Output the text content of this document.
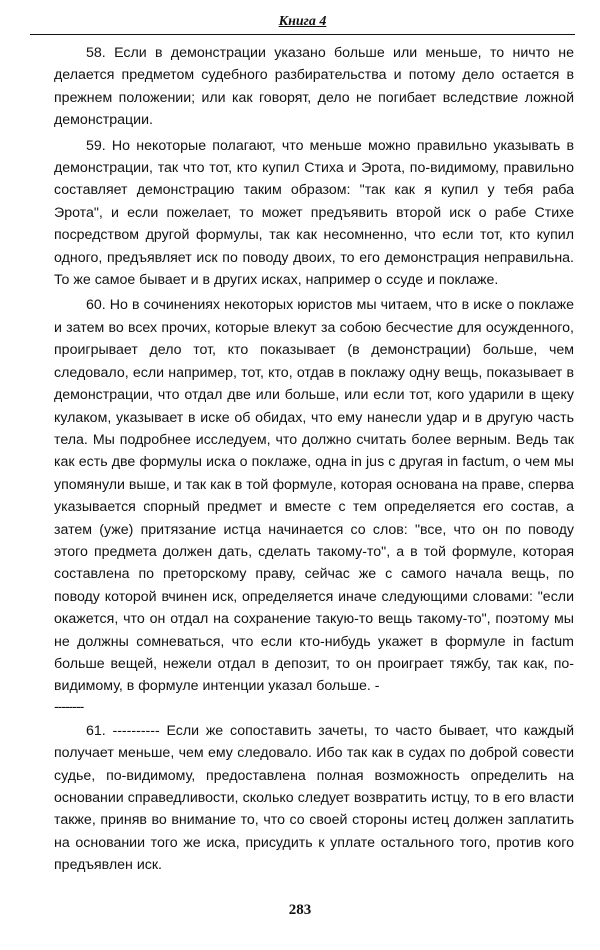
Книга 4

58. Если в демонстрации указано больше или меньше, то ничто не делается предметом судебного разбирательства и потому дело остается в прежнем положении; или как говорят, дело не погибает вследствие ложной демонстрации.

59. Но некоторые полагают, что меньше можно правильно указывать в демонстрации, так что тот, кто купил Стиха и Эрота, по-видимому, правильно составляет демонстрацию таким образом: "так как я купил у тебя раба Эрота", и если пожелает, то может предъявить второй иск о рабе Стихе посредством другой формулы, так как несомненно, что если тот, кто купил одного, предъявляет иск по поводу двоих, то его демонстрация неправильна. То же самое бывает и в других исках, например о ссуде и поклаже.

60. Но в сочинениях некоторых юристов мы читаем, что в иске о поклаже и затем во всех прочих, которые влекут за собою бесчестие для осужденного, проигрывает дело тот, кто показывает (в демонстрации) больше, чем следовало, если например, тот, кто, отдав в поклажу одну вещь, показывает в демонстрации, что отдал две или больше, или если тот, кого ударили в щеку кулаком, указывает в иске об обидах, что ему нанесли удар и в другую часть тела. Мы подробнее исследуем, что должно считать более верным. Ведь так как есть две формулы иска о поклаже, одна in jus с другая in factum, о чем мы упомянули выше, и так как в той формуле, которая основана на праве, сперва указывается спорный предмет и вместе с тем определяется его состав, а затем (уже) притязание истца начинается со слов: "все, что он по поводу этого предмета должен дать, сделать такому-то", а в той формуле, которая составлена по преторскому праву, сейчас же с самого начала вещь, по поводу которой вчинен иск, определяется иначе следующими словами: "если окажется, что он отдал на сохранение такую-то вещь такому-то", поэтому мы не должны сомневаться, что если кто-нибудь укажет в формуле in factum больше вещей, нежели отдал в депозит, то он проиграет тяжбу, так как, по-видимому, в формуле интенции указал больше. -

--------

61. ---------- Если же сопоставить зачеты, то часто бывает, что каждый получает меньше, чем ему следовало. Ибо так как в судах по доброй совести судье, по-видимому, предоставлена полная возможность определить на основании справедливости, сколько следует возвратить истцу, то в его власти также, приняв во внимание то, что со своей стороны истец должен заплатить на основании того же иска, присудить к уплате остального того, против кого предъявлен иск.

283
